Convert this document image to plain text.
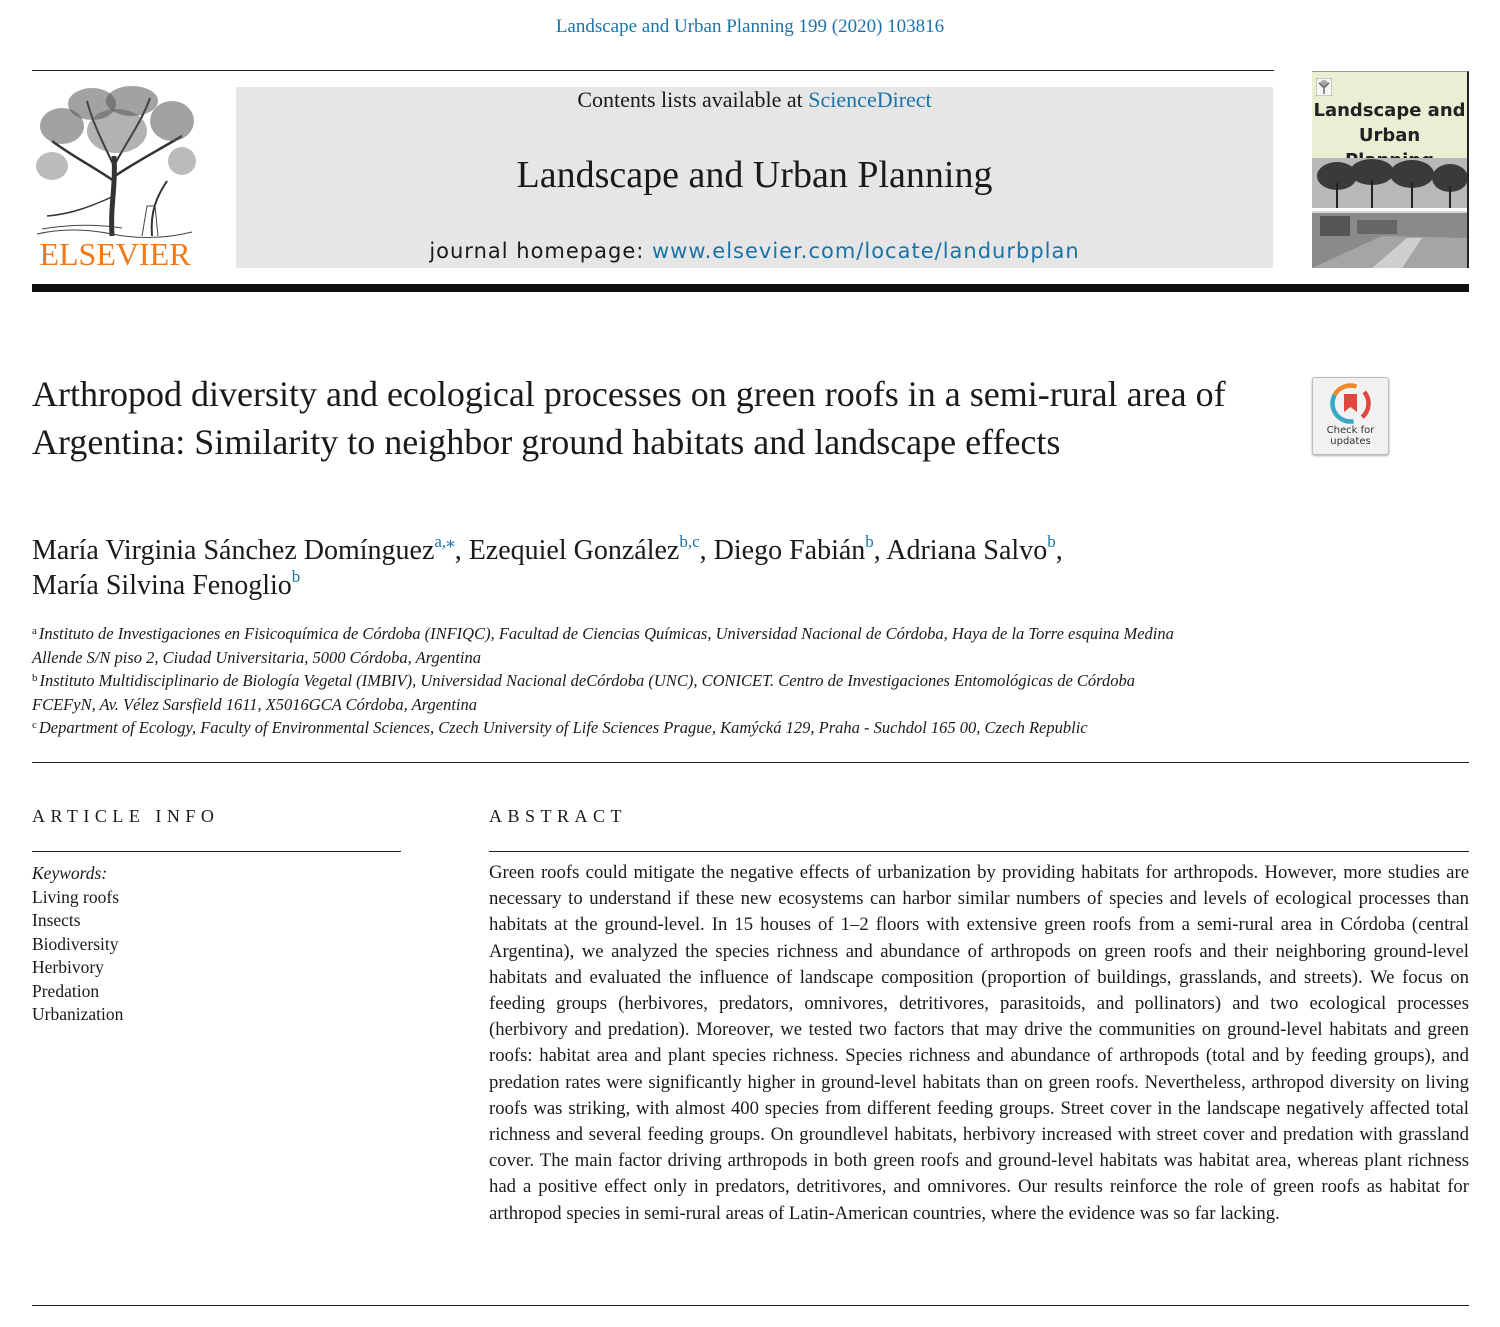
Landscape and Urban Planning 199 (2020) 103816
ELSEVIER
Contents lists available at ScienceDirect
Landscape and Urban Planning
journal homepage: www.elsevier.com/locate/landurbplan
Landscape and
Urban
Arthropod diversity and ecological processes on green roofs in a semi-rural area of Argentina: Similarity to neighbor ground habitats and landscape effects	Check for
updates
María Virginia Sánchez Domínguez$^{a,⁎}$, Ezequiel González$^{b,c}$, Diego Fabián$^b$, Adriana Salvo$^b$,
María Silvina Fenoglio$^b$
$^a$ Instituto de Investigaciones en Fisicoquímica de Córdoba (INFIQC), Facultad de Ciencias Químicas, Universidad Nacional de Córdoba, Haya de la Torre esquina Medina
Allende S/N piso 2, Ciudad Universitaria, 5000 Córdoba, Argentina
$^b$ Instituto Multidisciplinario de Biología Vegetal (IMBIV), Universidad Nacional deCórdoba (UNC), CONICET. Centro de Investigaciones Entomológicas de Córdoba
FCEFyN, Av. Vélez Sarsfield 1611, X5016GCA Córdoba, Argentina
$^c$ Department of Ecology, Faculty of Environmental Sciences, Czech University of Life Sciences Prague, Kamýcká 129, Praha - Suchdol 165 00, Czech Republic
ARTICLE INFO
Keywords:
Living roofs
Insects
Biodiversity
Herbivory
Predation
Urbanization
ABSTRACT
Green roofs could mitigate the negative effects of urbanization by providing habitats for arthropods. However, more studies are necessary to understand if these new ecosystems can harbor similar numbers of species and levels of ecological processes than habitats at the ground-level. In 15 houses of 1–2 floors with extensive green roofs from a semi-rural area in Córdoba (central Argentina), we analyzed the species richness and abundance of arthropods on green roofs and their neighboring ground-level habitats and evaluated the influence of landscape composition (proportion of buildings, grasslands, and streets). We focus on feeding groups (herbivores, predators, omnivores, detritivores, parasitoids, and pollinators) and two ecological processes (herbivory and predation). Moreover, we tested two factors that may drive the communities on ground-level habitats and green roofs: habitat area and plant species richness. Species richness and abundance of arthropods (total and by feeding groups), and predation rates were significantly higher in ground-level habitats than on green roofs. Nevertheless, arthropod diversity on living roofs was striking, with almost 400 species from different feeding groups. Street cover in the landscape negatively affected total richness and several feeding groups. On groundlevel habitats, herbivory increased with street cover and predation with grassland cover. The main factor driving arthropods in both green roofs and ground-level habitats was habitat area, whereas plant richness had a positive effect only in predators, detritivores, and omnivores. Our results reinforce the role of green roofs as habitat for arthropod species in semi-rural areas of Latin-American countries, where the evidence was so far lacking.
